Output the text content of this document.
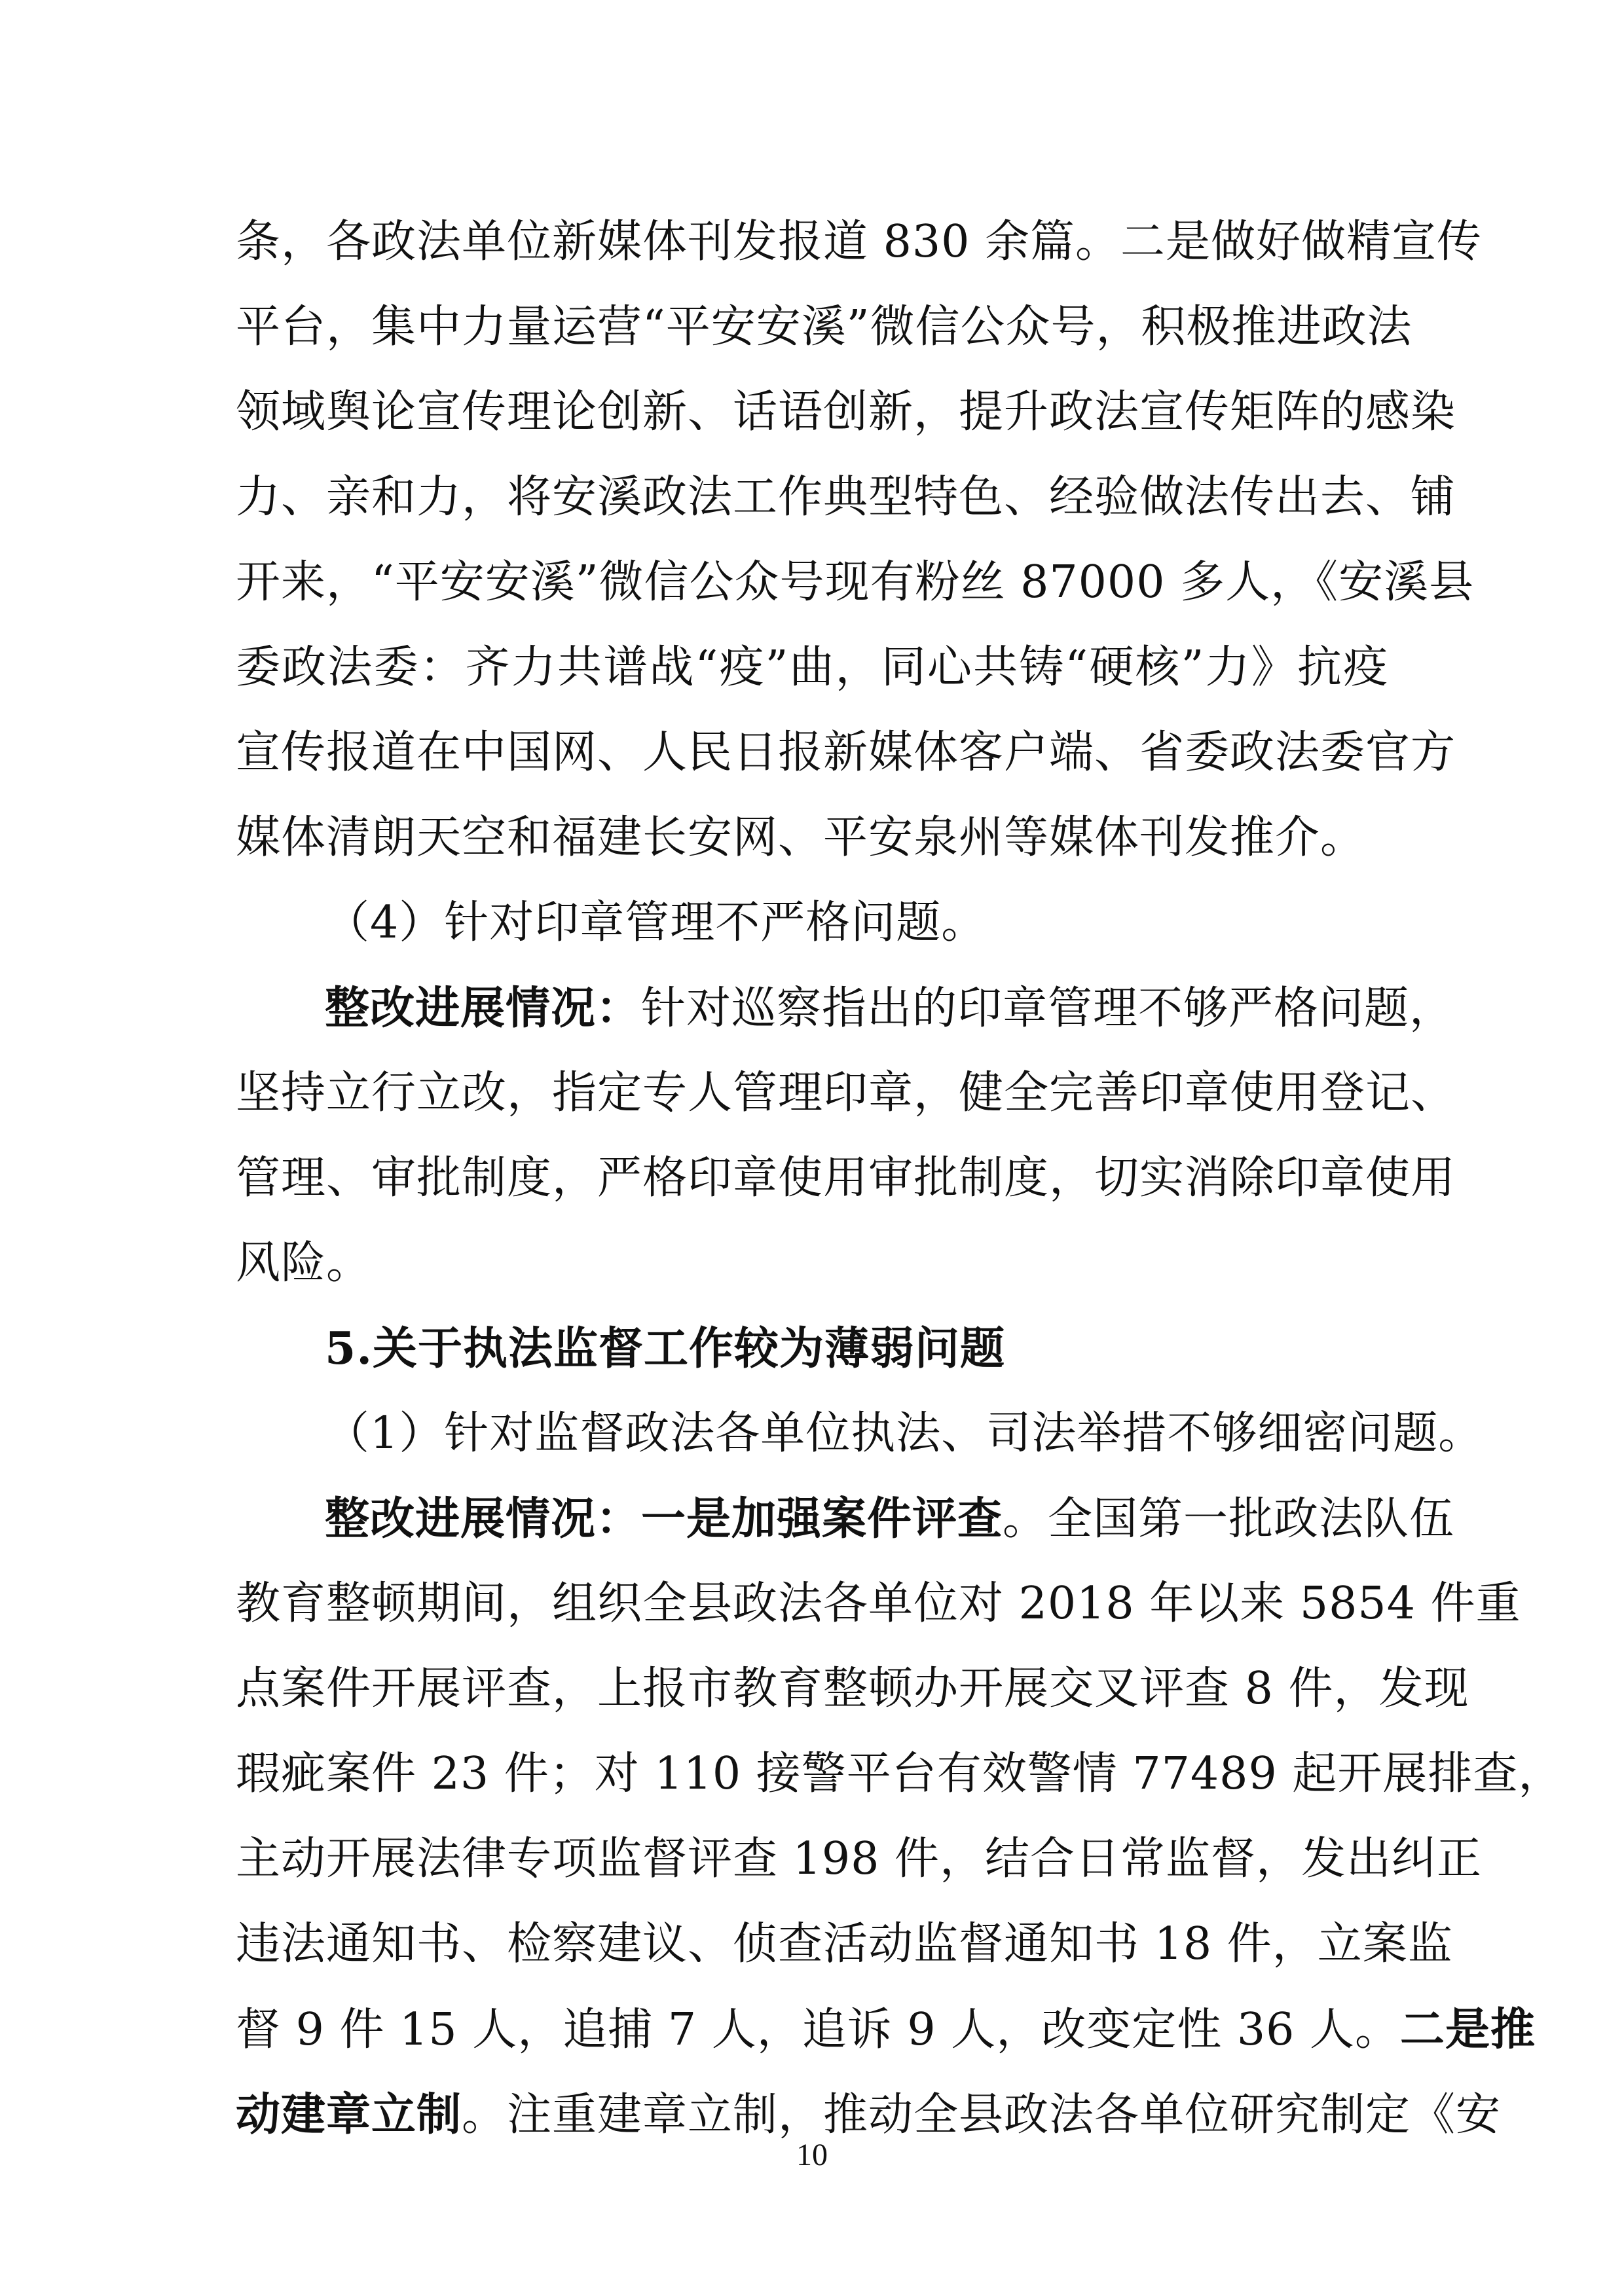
条，各政法单位新媒体刊发报道 830 余篇。二是做好做精宣传
平台，集中力量运营“平安安溪”微信公众号，积极推进政法
领域舆论宣传理论创新、话语创新，提升政法宣传矩阵的感染
力、亲和力，将安溪政法工作典型特色、经验做法传出去、铺
开来，“平安安溪”微信公众号现有粉丝 87000 多人，《安溪县
委政法委：齐力共谱战“疫”曲，同心共铸“硬核”力》抗疫
宣传报道在中国网、人民日报新媒体客户端、省委政法委官方
媒体清朗天空和福建长安网、平安泉州等媒体刊发推介。
（4）针对印章管理不严格问题。
整改进展情况：针对巡察指出的印章管理不够严格问题，
坚持立行立改，指定专人管理印章，健全完善印章使用登记、
管理、审批制度，严格印章使用审批制度，切实消除印章使用
风险。
5.关于执法监督工作较为薄弱问题
（1）针对监督政法各单位执法、司法举措不够细密问题。
整改进展情况：一是加强案件评查。全国第一批政法队伍
教育整顿期间，组织全县政法各单位对 2018 年以来 5854 件重
点案件开展评查，上报市教育整顿办开展交叉评查 8 件，发现
瑕疵案件 23 件；对 110 接警平台有效警情 77489 起开展排查，
主动开展法律专项监督评查 198 件，结合日常监督，发出纠正
违法通知书、检察建议、侦查活动监督通知书 18 件，立案监
督 9 件 15 人，追捕 7 人，追诉 9 人，改变定性 36 人。二是推
动建章立制。注重建章立制，推动全县政法各单位研究制定《安
10
